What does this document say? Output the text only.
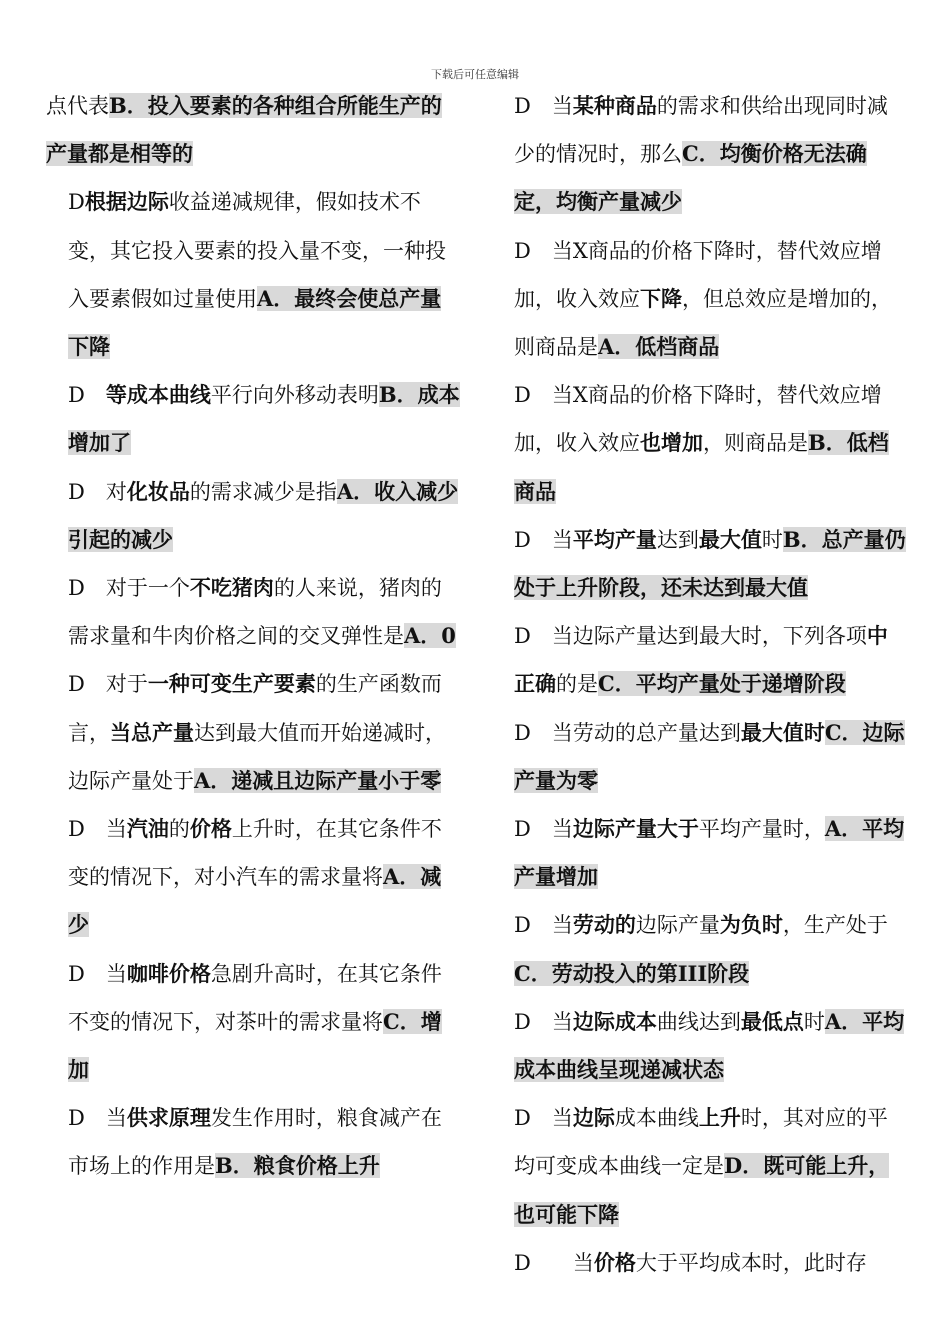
下载后可任意编辑

点代表B．投入要素的各种组合所能生产的产量都是相等的

D根据边际收益递减规律，假如技术不变，其它投入要素的投入量不变，一种投入要素假如过量使用A．最终会使总产量下降

D　等成本曲线平行向外移动表明B．成本增加了

D　对化妆品的需求减少是指A．收入减少引起的减少

D　对于一个不吃猪肉的人来说，猪肉的需求量和牛肉价格之间的交叉弹性是A．0

D　对于一种可变生产要素的生产函数而言，当总产量达到最大值而开始递减时，边际产量处于A．递减且边际产量小于零

D　当汽油的价格上升时，在其它条件不变的情况下，对小汽车的需求量将A．减少

D　当咖啡价格急剧升高时，在其它条件不变的情况下，对茶叶的需求量将C．增加

D　当供求原理发生作用时，粮食减产在市场上的作用是B．粮食价格上升

D　当某种商品的需求和供给出现同时减少的情况时，那么C．均衡价格无法确定，均衡产量减少

D　当X商品的价格下降时，替代效应增加，收入效应下降，但总效应是增加的，则商品是A．低档商品

D　当X商品的价格下降时，替代效应增加，收入效应也增加，则商品是B．低档商品

D　当平均产量达到最大值时B．总产量仍处于上升阶段，还未达到最大值

D　当边际产量达到最大时，下列各项中正确的是C．平均产量处于递增阶段

D　当劳动的总产量达到最大值时C．边际产量为零

D　当边际产量大于平均产量时，A．平均产量增加

D　当劳动的边际产量为负时，生产处于C．劳动投入的第III阶段

D　当边际成本曲线达到最低点时A．平均成本曲线呈现递减状态

D　当边际成本曲线上升时，其对应的平均可变成本曲线一定是D．既可能上升，也可能下降

D　　当价格大于平均成本时，此时存
